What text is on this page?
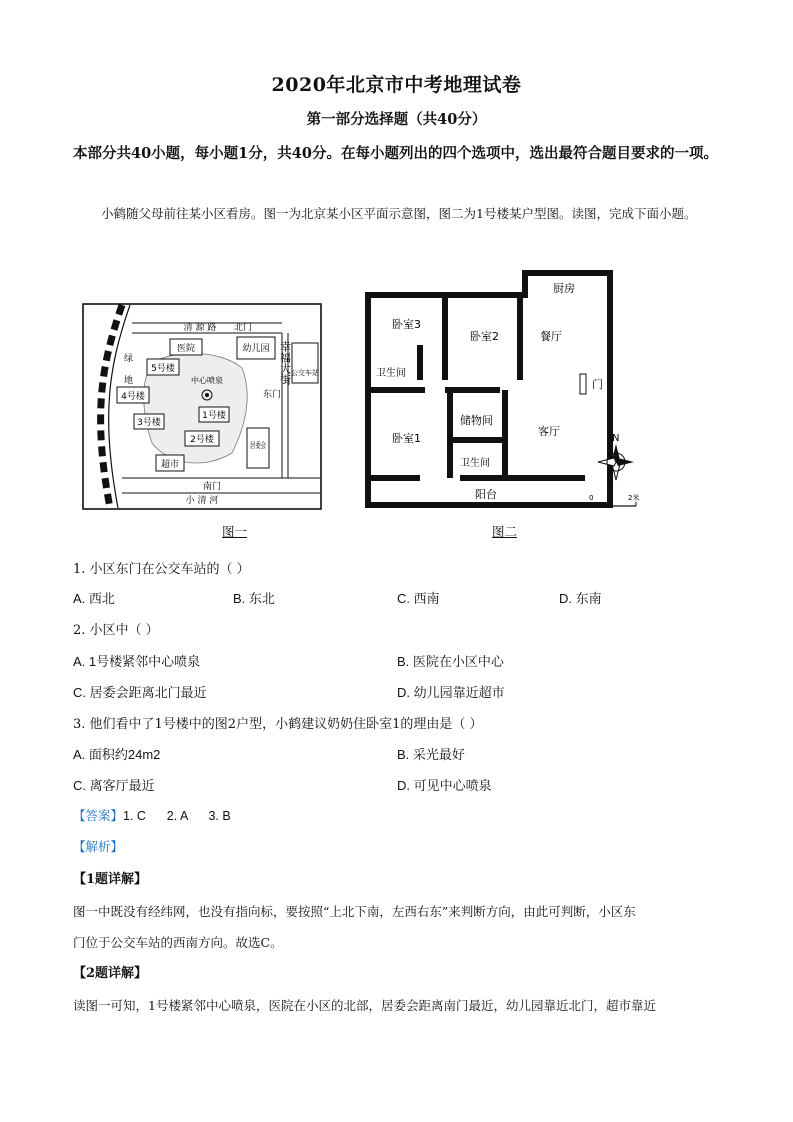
2020年北京市中考地理试卷
第一部分选择题（共40分）
本部分共40小题，每小题1分，共40分。在每小题列出的四个选项中，选出最符合题目要求的一项。
小鹤随父母前往某小区看房。图一为北京某小区平面示意图，图二为1号楼某户型图。读图，完成下面小题。
清 源 路 北门
医院	幼儿园
公交车站
绿
地	中心喷泉
5号楼
4号楼
1号楼
3号楼
2号楼
居委会
超市
东门
幸福大街
南门
小 清 河
图一
卧室3
卧室2	餐厅
厨房
卫生间
门
储物间
客厅
卧室1
卫生间
阳台
N
0	2米
图二
1. 小区东门在公交车站的（ ）
A. 西北	B. 东北	C. 西南	D. 东南
2. 小区中（ ）
A. 1号楼紧邻中心喷泉	B. 医院在小区中心
C. 居委会距离北门最近	D. 幼儿园靠近超市
3. 他们看中了1号楼中的图2户型，小鹤建议奶奶住卧室1的理由是（ ）
A. 面积约24m2	B. 采光最好
C. 离客厅最近	D. 可见中心喷泉
【答案】1. C      2. A      3. B
【解析】
【1题详解】
图一中既没有经纬网，也没有指向标，要按照“上北下南，左西右东”来判断方向，由此可判断，小区东
门位于公交车站的西南方向。故选C。
【2题详解】
读图一可知，1号楼紧邻中心喷泉，医院在小区的北部，居委会距离南门最近，幼儿园靠近北门，超市靠近
